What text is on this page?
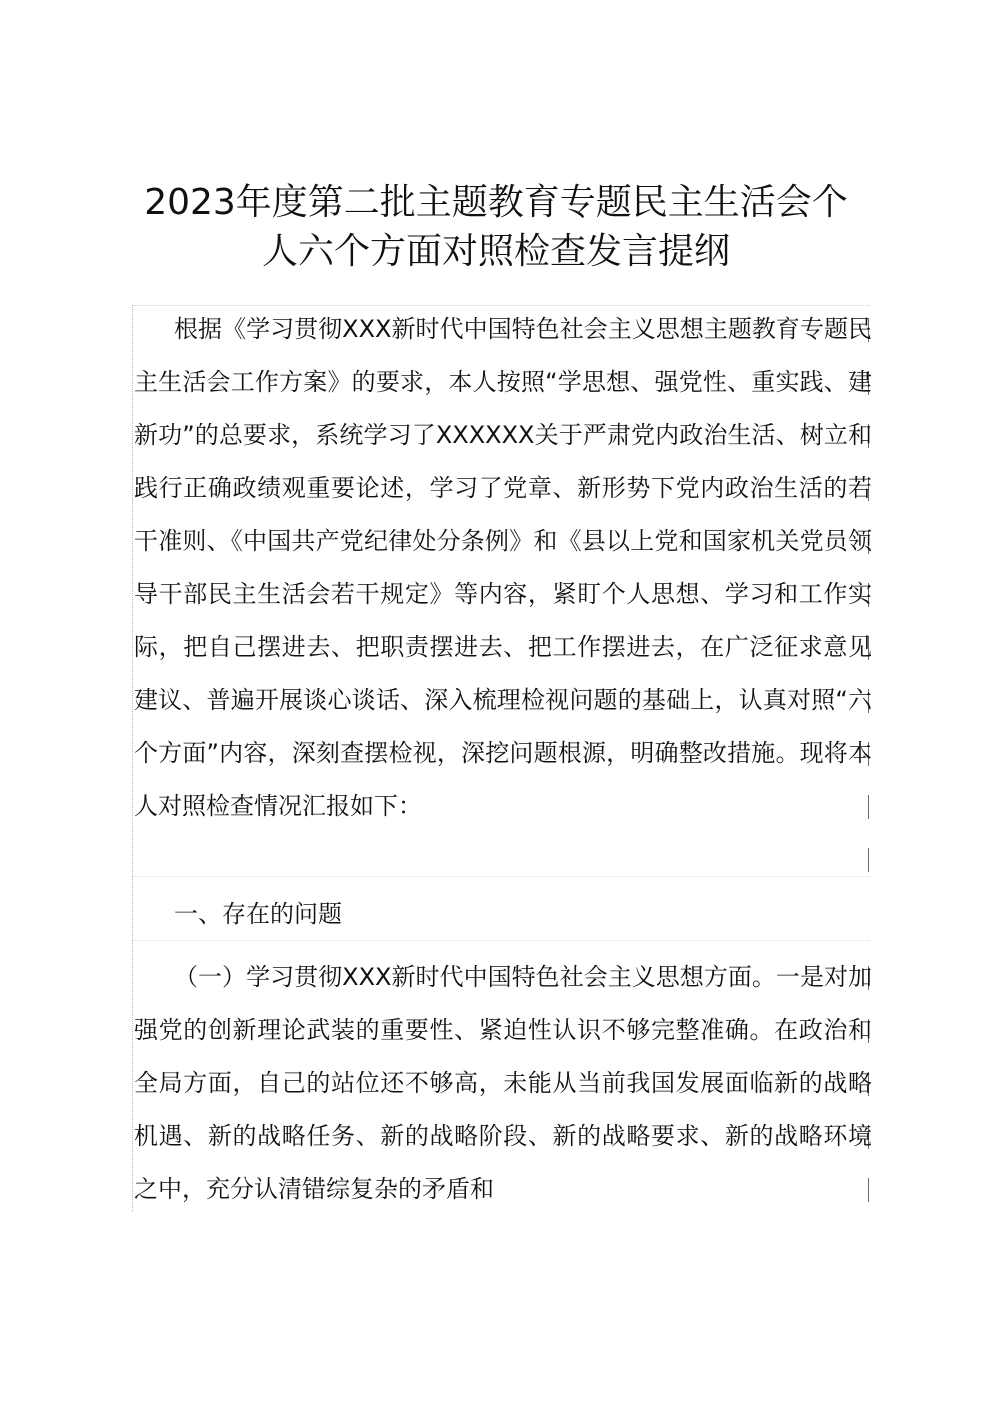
2023年度第二批主题教育专题民主生活会个
人六个方面对照检查发言提纲

根据《学习贯彻XXX新时代中国特色社会主义思想主题教育专题民主生活会工作方案》的要求，本人按照“学思想、强党性、重实践、建新功”的总要求，系统学习了XXXXXX关于严肃党内政治生活、树立和践行正确政绩观重要论述，学习了党章、新形势下党内政治生活的若干准则、《中国共产党纪律处分条例》和《县以上党和国家机关党员领导干部民主生活会若干规定》等内容，紧盯个人思想、学习和工作实际，把自己摆进去、把职责摆进去、把工作摆进去，在广泛征求意见建议、普遍开展谈心谈话、深入梳理检视问题的基础上，认真对照“六个方面”内容，深刻查摆检视，深挖问题根源，明确整改措施。现将本人对照检查情况汇报如下：

一、存在的问题

（一）学习贯彻XXX新时代中国特色社会主义思想方面。一是对加强党的创新理论武装的重要性、紧迫性认识不够完整准确。在政治和全局方面，自己的站位还不够高，未能从当前我国发展面临新的战略机遇、新的战略任务、新的战略阶段、新的战略要求、新的战略环境之中，充分认清错综复杂的矛盾和
